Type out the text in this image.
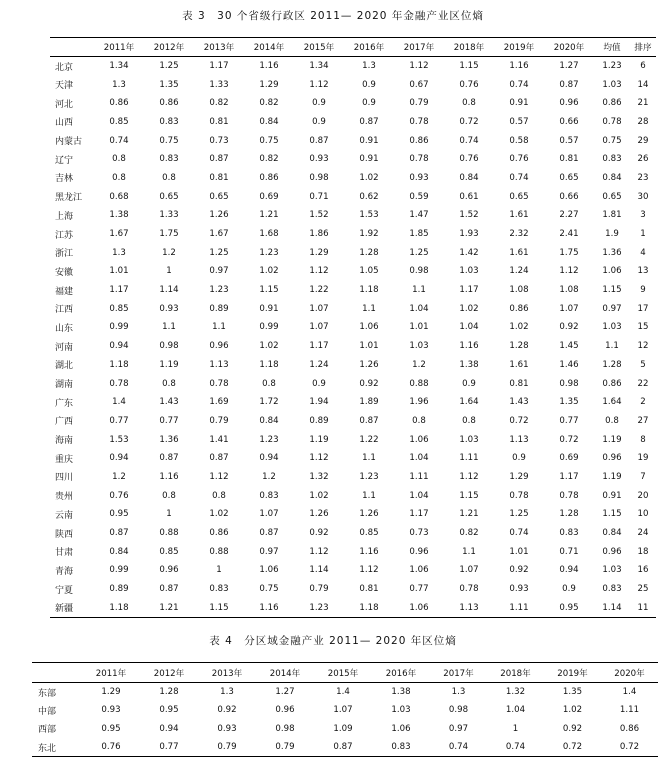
表 3　30 个省级行政区 2011— 2020 年金融产业区位熵
	2011年	2012年	2013年	2014年	2015年	2016年	2017年	2018年	2019年	2020年	均值	排序
北京	1.34	1.25	1.17	1.16	1.34	1.3	1.12	1.15	1.16	1.27	1.23	6
天津	1.3	1.35	1.33	1.29	1.12	0.9	0.67	0.76	0.74	0.87	1.03	14
河北	0.86	0.86	0.82	0.82	0.9	0.9	0.79	0.8	0.91	0.96	0.86	21
山西	0.85	0.83	0.81	0.84	0.9	0.87	0.78	0.72	0.57	0.66	0.78	28
内蒙古	0.74	0.75	0.73	0.75	0.87	0.91	0.86	0.74	0.58	0.57	0.75	29
辽宁	0.8	0.83	0.87	0.82	0.93	0.91	0.78	0.76	0.76	0.81	0.83	26
吉林	0.8	0.8	0.81	0.86	0.98	1.02	0.93	0.84	0.74	0.65	0.84	23
黑龙江	0.68	0.65	0.65	0.69	0.71	0.62	0.59	0.61	0.65	0.66	0.65	30
上海	1.38	1.33	1.26	1.21	1.52	1.53	1.47	1.52	1.61	2.27	1.81	3
江苏	1.67	1.75	1.67	1.68	1.86	1.92	1.85	1.93	2.32	2.41	1.9	1
浙江	1.3	1.2	1.25	1.23	1.29	1.28	1.25	1.42	1.61	1.75	1.36	4
安徽	1.01	1	0.97	1.02	1.12	1.05	0.98	1.03	1.24	1.12	1.06	13
福建	1.17	1.14	1.23	1.15	1.22	1.18	1.1	1.17	1.08	1.08	1.15	9
江西	0.85	0.93	0.89	0.91	1.07	1.1	1.04	1.02	0.86	1.07	0.97	17
山东	0.99	1.1	1.1	0.99	1.07	1.06	1.01	1.04	1.02	0.92	1.03	15
河南	0.94	0.98	0.96	1.02	1.17	1.01	1.03	1.16	1.28	1.45	1.1	12
湖北	1.18	1.19	1.13	1.18	1.24	1.26	1.2	1.38	1.61	1.46	1.28	5
湖南	0.78	0.8	0.78	0.8	0.9	0.92	0.88	0.9	0.81	0.98	0.86	22
广东	1.4	1.43	1.69	1.72	1.94	1.89	1.96	1.64	1.43	1.35	1.64	2
广西	0.77	0.77	0.79	0.84	0.89	0.87	0.8	0.8	0.72	0.77	0.8	27
海南	1.53	1.36	1.41	1.23	1.19	1.22	1.06	1.03	1.13	0.72	1.19	8
重庆	0.94	0.87	0.87	0.94	1.12	1.1	1.04	1.11	0.9	0.69	0.96	19
四川	1.2	1.16	1.12	1.2	1.32	1.23	1.11	1.12	1.29	1.17	1.19	7
贵州	0.76	0.8	0.8	0.83	1.02	1.1	1.04	1.15	0.78	0.78	0.91	20
云南	0.95	1	1.02	1.07	1.26	1.26	1.17	1.21	1.25	1.28	1.15	10
陕西	0.87	0.88	0.86	0.87	0.92	0.85	0.73	0.82	0.74	0.83	0.84	24
甘肃	0.84	0.85	0.88	0.97	1.12	1.16	0.96	1.1	1.01	0.71	0.96	18
青海	0.99	0.96	1	1.06	1.14	1.12	1.06	1.07	0.92	0.94	1.03	16
宁夏	0.89	0.87	0.83	0.75	0.79	0.81	0.77	0.78	0.93	0.9	0.83	25
新疆	1.18	1.21	1.15	1.16	1.23	1.18	1.06	1.13	1.11	0.95	1.14	11
表 4　分区域金融产业 2011— 2020 年区位熵
	2011年	2012年	2013年	2014年	2015年	2016年	2017年	2018年	2019年	2020年
东部	1.29	1.28	1.3	1.27	1.4	1.38	1.3	1.32	1.35	1.4
中部	0.93	0.95	0.92	0.96	1.07	1.03	0.98	1.04	1.02	1.11
西部	0.95	0.94	0.93	0.98	1.09	1.06	0.97	1	0.92	0.86
东北	0.76	0.77	0.79	0.79	0.87	0.83	0.74	0.74	0.72	0.72
